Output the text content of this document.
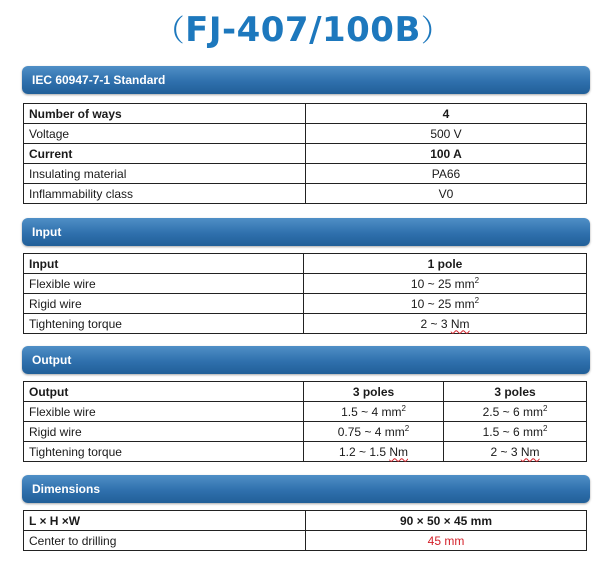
（FJ-407/100B）
IEC 60947-7-1 Standard
Number of ways	4
Voltage	500 V
Current	100 A
Insulating material	PA66
Inflammability class	V0
Input
Input	1 pole
Flexible wire	10 ~ 25 $mm^2$
Rigid wire	10 ~ 25 $mm^2$
Tightening torque	2 ~ 3 Nm
Output
Output	3 poles	3 poles
Flexible wire	1.5 ~ 4 $mm^2$	2.5 ~ 6 $mm^2$
Rigid wire	0.75 ~ 4 $mm^2$	1.5 ~ 6 $mm^2$
Tightening torque	1.2 ~ 1.5 Nm	2 ~ 3 Nm
Dimensions
L × H ×W	90 × 50 × 45 mm
Center to drilling	45 mm
